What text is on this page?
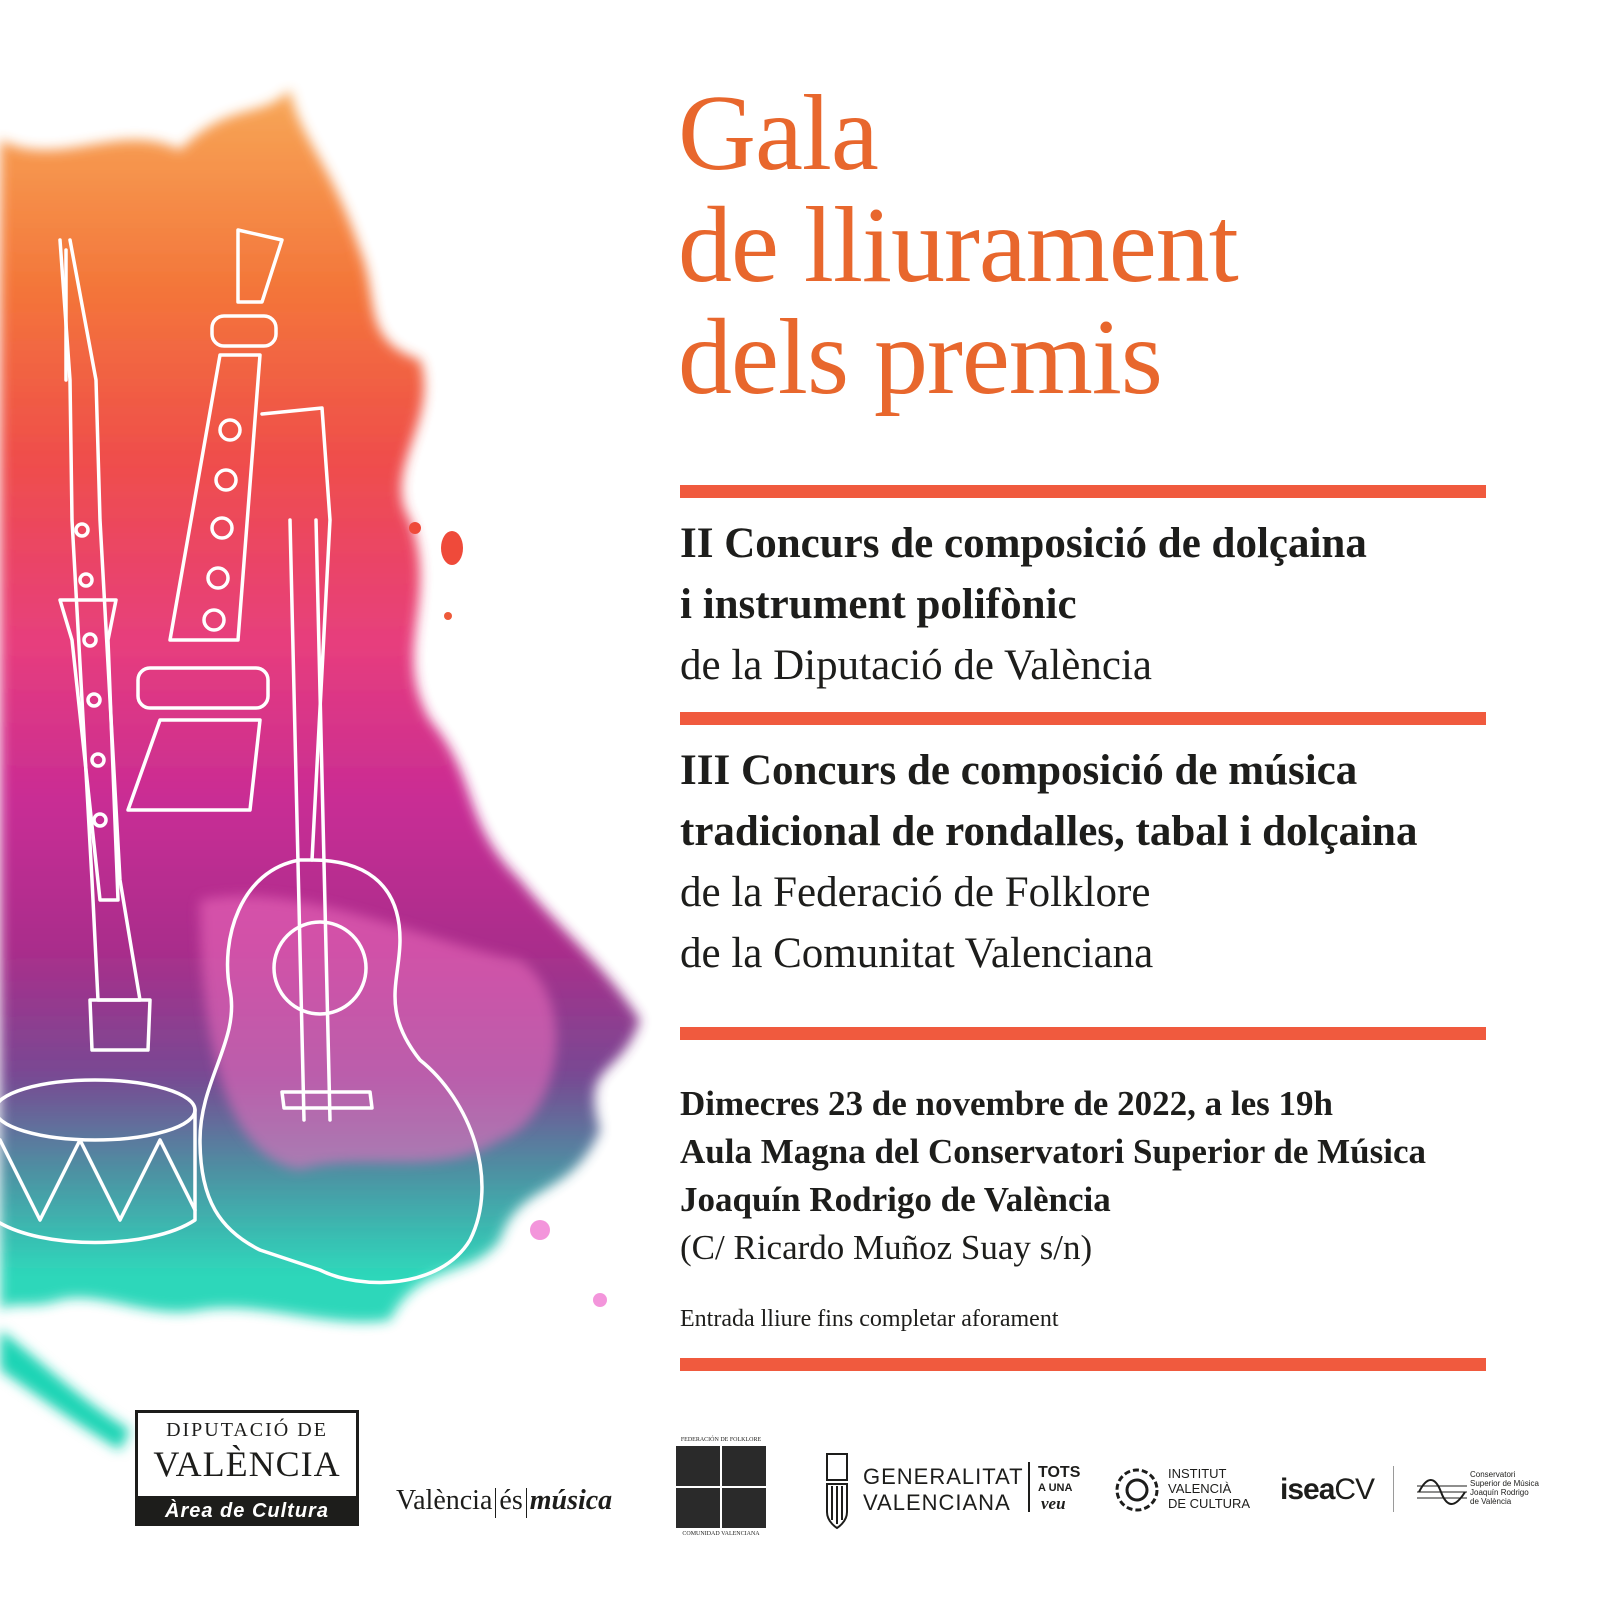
Gala
de lliurament
dels premis
II Concurs de composició de dolçaina
i instrument polifònic
de la Diputació de València
III Concurs de composició de música
tradicional de rondalles, tabal i dolçaina
de la Federació de Folklore
de la Comunitat Valenciana
Dimecres 23 de novembre de 2022, a les 19h
Aula Magna del Conservatori Superior de Música
Joaquín Rodrigo de València
(C/ Ricardo Muñoz Suay s/n)
Entrada lliure fins completar aforament
DIPUTACIÓ DE
VALÈNCIA
Àrea de Cultura	València és música
FEDERACIÓN DE FOLKLORE
COMUNIDAD VALENCIANA
GENERALITAT
VALENCIANA
TOTS
A UNA
veu
INSTITUT
VALENCIÀ
DE CULTURA iseaCV	Conservatori
Superior de Música
Joaquín Rodrigo
de València
